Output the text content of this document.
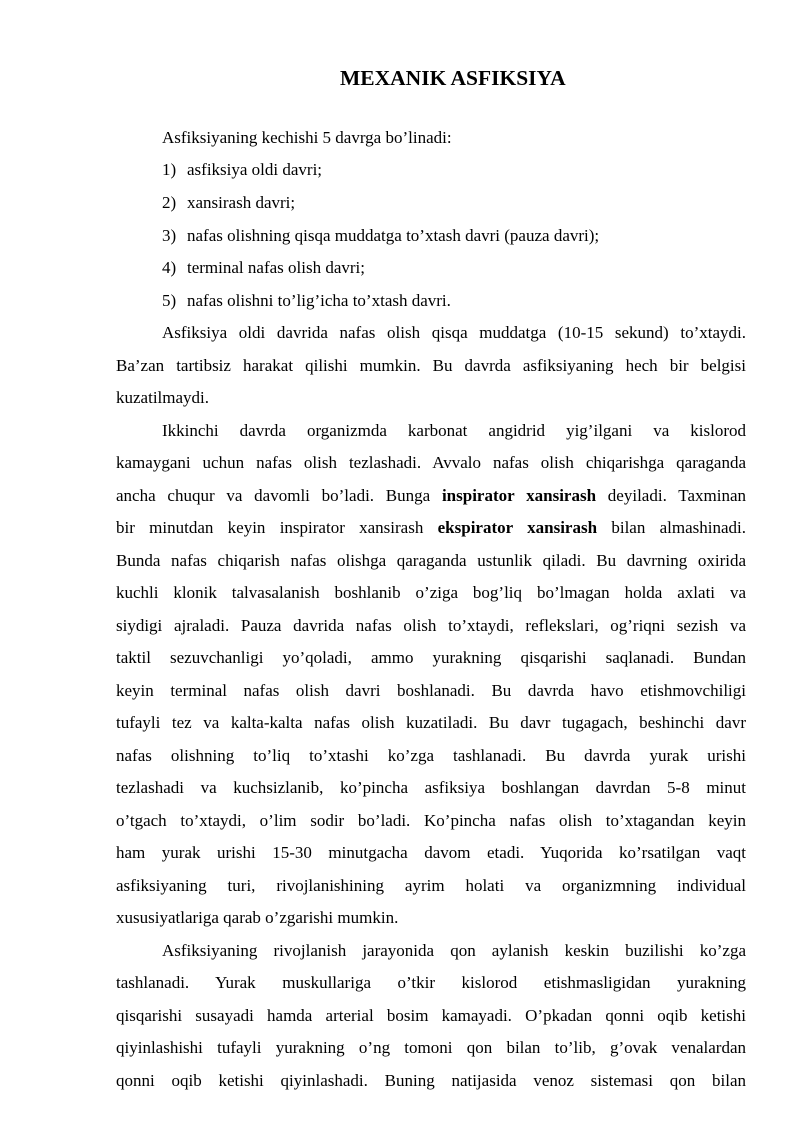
MEXANIK ASFIKSIYA
Asfiksiyaning kechishi 5 davrga bo’linadi:
1) asfiksiya oldi davri;
2) xansirash davri;
3) nafas olishning qisqa muddatga to’xtash davri (pauza davri);
4) terminal nafas olish davri;
5) nafas olishni to’lig’icha to’xtash davri.
Asfiksiya oldi davrida nafas olish qisqa muddatga (10-15 sekund) to’xtaydi.
Ba’zan tartibsiz harakat qilishi mumkin. Bu davrda asfiksiyaning hech bir belgisi
kuzatilmaydi.
Ikkinchi davrda organizmda karbonat angidrid yig’ilgani va kislorod
kamaygani uchun nafas olish tezlashadi. Avvalo nafas olish chiqarishga qaraganda
ancha chuqur va davomli bo’ladi. Bunga inspirator xansirash deyiladi. Taxminan
bir minutdan keyin inspirator xansirash ekspirator xansirash bilan almashinadi.
Bunda nafas chiqarish nafas olishga qaraganda ustunlik qiladi. Bu davrning oxirida
kuchli klonik talvasalanish boshlanib o’ziga bog’liq bo’lmagan holda axlati va
siydigi ajraladi. Pauza davrida nafas olish to’xtaydi, reflekslari, og’riqni sezish va
taktil sezuvchanligi yo’qoladi, ammo yurakning qisqarishi saqlanadi. Bundan
keyin terminal nafas olish davri boshlanadi. Bu davrda havo etishmovchiligi
tufayli tez va kalta-kalta nafas olish kuzatiladi. Bu davr tugagach, beshinchi davr
nafas olishning to’liq to’xtashi ko’zga tashlanadi. Bu davrda yurak urishi
tezlashadi va kuchsizlanib, ko’pincha asfiksiya boshlangan davrdan 5-8 minut
o’tgach to’xtaydi, o’lim sodir bo’ladi. Ko’pincha nafas olish to’xtagandan keyin
ham yurak urishi 15-30 minutgacha davom etadi. Yuqorida ko’rsatilgan vaqt
asfiksiyaning turi, rivojlanishining ayrim holati va organizmning individual
xususiyatlariga qarab o’zgarishi mumkin.
Asfiksiyaning rivojlanish jarayonida qon aylanish keskin buzilishi ko’zga
tashlanadi. Yurak muskullariga o’tkir kislorod etishmasligidan yurakning
qisqarishi susayadi hamda arterial bosim kamayadi. O’pkadan qonni oqib ketishi
qiyinlashishi tufayli yurakning o’ng tomoni qon bilan to’lib, g’ovak venalardan
qonni oqib ketishi qiyinlashadi. Buning natijasida venoz sistemasi qon bilan
